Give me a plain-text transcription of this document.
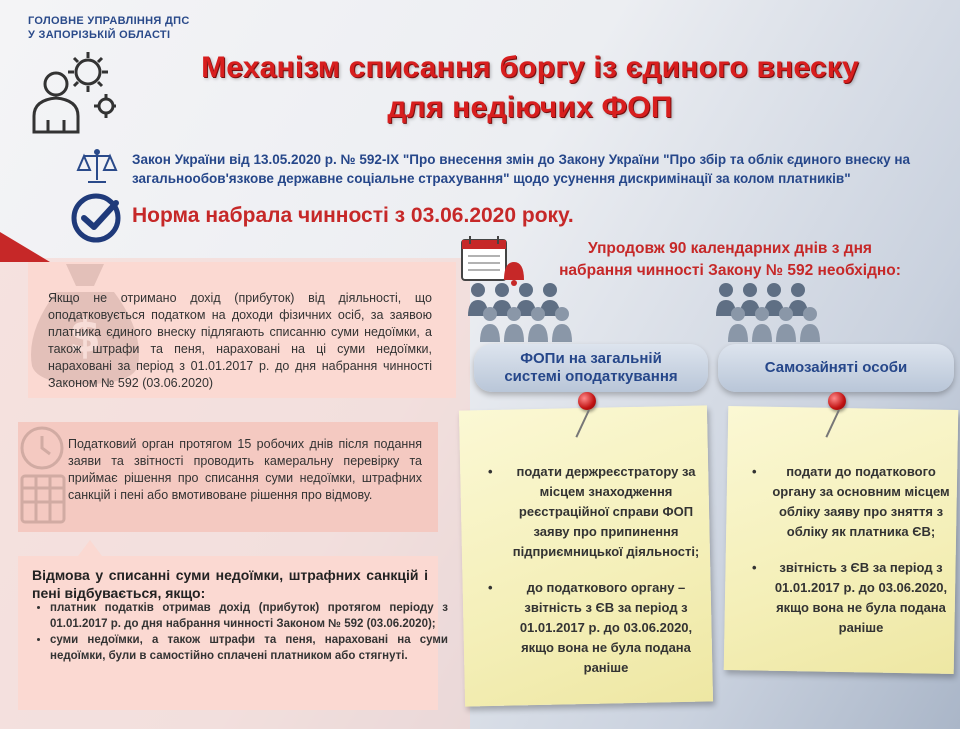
ГОЛОВНЕ УПРАВЛІННЯ ДПС
У ЗАПОРІЗЬКІЙ ОБЛАСТІ
Механізм списання боргу із єдиного внеску
для недіючих ФОП
Закон України від 13.05.2020 р. № 592-IX "Про внесення змін до Закону України "Про збір та облік єдиного внеску на загальнообов'язкове державне соціальне страхування" щодо усунення дискримінації за колом платників"
Норма набрала чинності з 03.06.2020 року.
$
Якщо не отримано дохід (прибуток) від діяльності, що оподатковується податком на доходи фізичних осіб, за заявою платника єдиного внеску підлягають списанню суми недоїмки, а також штрафи та пеня, нараховані на ці суми недоїмки, нараховані за період з 01.01.2017 р. до дня набрання чинності Законом № 592 (03.06.2020)
Податковий орган протягом 15 робочих днів після подання заяви та звітності проводить камеральну перевірку та приймає рішення про списання суми недоїмки, штрафних санкцій і пені або вмотивоване рішення про відмову.
Відмова у списанні суми недоїмки, штрафних санкцій і пені відбувається, якщо:
• платник податків отримав дохід (прибуток) протягом періоду з 01.01.2017 р. до дня набрання чинності Законом № 592 (03.06.2020);
• суми недоїмки, а також штрафи та пеня, нараховані на суми недоїмки, були в самостійно сплачені платником або стягнуті.
Упродовж 90 календарних днів з дня
набрання чинності Закону № 592 необхідно:
ФОПи на загальній
системі оподаткування
Самозайняті особи
• подати держреєстратору за місцем знаходження реєстраційної справи ФОП заяву про припинення підприємницької діяльності;
• до податкового органу – звітність з ЄВ за період з 01.01.2017 р. до 03.06.2020, якщо вона не була подана раніше
• подати до податкового органу за основним місцем обліку заяву про зняття з обліку як платника ЄВ;
• звітність з ЄВ за період з 01.01.2017 р. до 03.06.2020, якщо вона не була подана раніше
